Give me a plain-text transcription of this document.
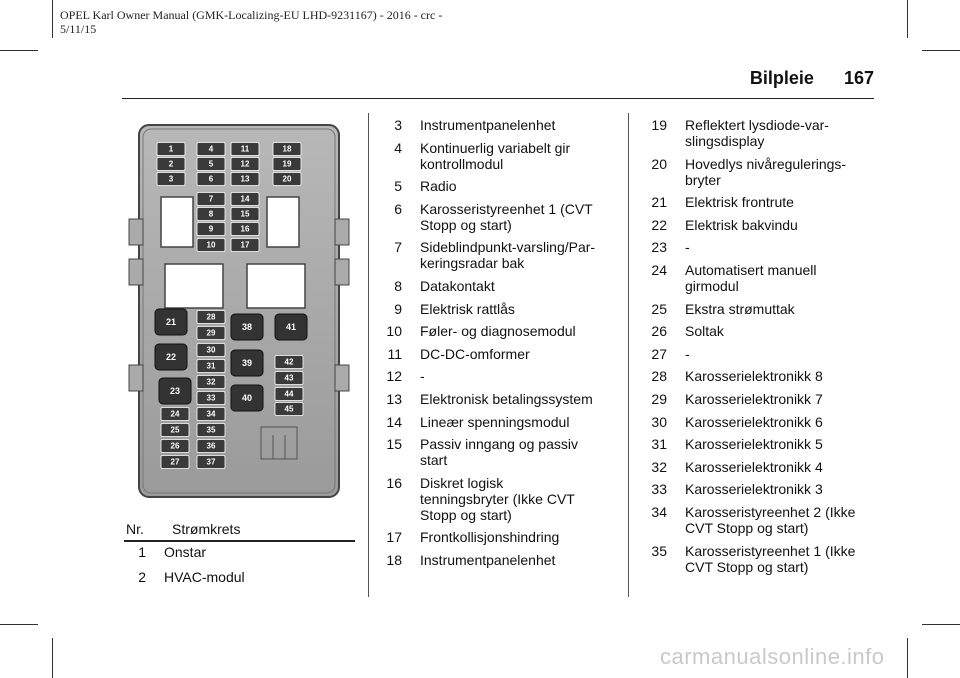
OPEL Karl Owner Manual (GMK-Localizing-EU LHD-9231167) - 2016 - crc -
5/11/15
Bilpleie 167
1
2
3
4
5
6
11
12
13
18
19
20
7
8
9
10
14
15
16
17
28
29
30
31
32
33
34
35
36
37
24
25
26
27
42
43
44
45
21
22
23
38
39
40
41
Nr. Strømkrets
1 Onstar
2 HVAC-modul
3 Instrumentpanelenhet
4 Kontinuerlig variabelt gir
kontrollmodul
5 Radio
6 Karosseristyreenhet 1 (CVT
Stopp og start)
7 Sideblindpunkt-varsling/Par-
keringsradar bak
8 Datakontakt
9 Elektrisk rattlås
10 Føler- og diagnosemodul
11 DC-DC-omformer
12 -
13 Elektronisk betalingssystem
14 Lineær spenningsmodul
15 Passiv inngang og passiv
start
16 Diskret logisk
tenningsbryter (Ikke CVT
Stopp og start)
17 Frontkollisjonshindring
18 Instrumentpanelenhet
19 Reflektert lysdiode-var-
slingsdisplay
20 Hovedlys nivåregulerings-
bryter
21 Elektrisk frontrute
22 Elektrisk bakvindu
23 -
24 Automatisert manuell
girmodul
25 Ekstra strømuttak
26 Soltak
27 -
28 Karosserielektronikk 8
29 Karosserielektronikk 7
30 Karosserielektronikk 6
31 Karosserielektronikk 5
32 Karosserielektronikk 4
33 Karosserielektronikk 3
34 Karosseristyreenhet 2 (Ikke
CVT Stopp og start)
35 Karosseristyreenhet 1 (Ikke
CVT Stopp og start)
carmanualsonline.info
